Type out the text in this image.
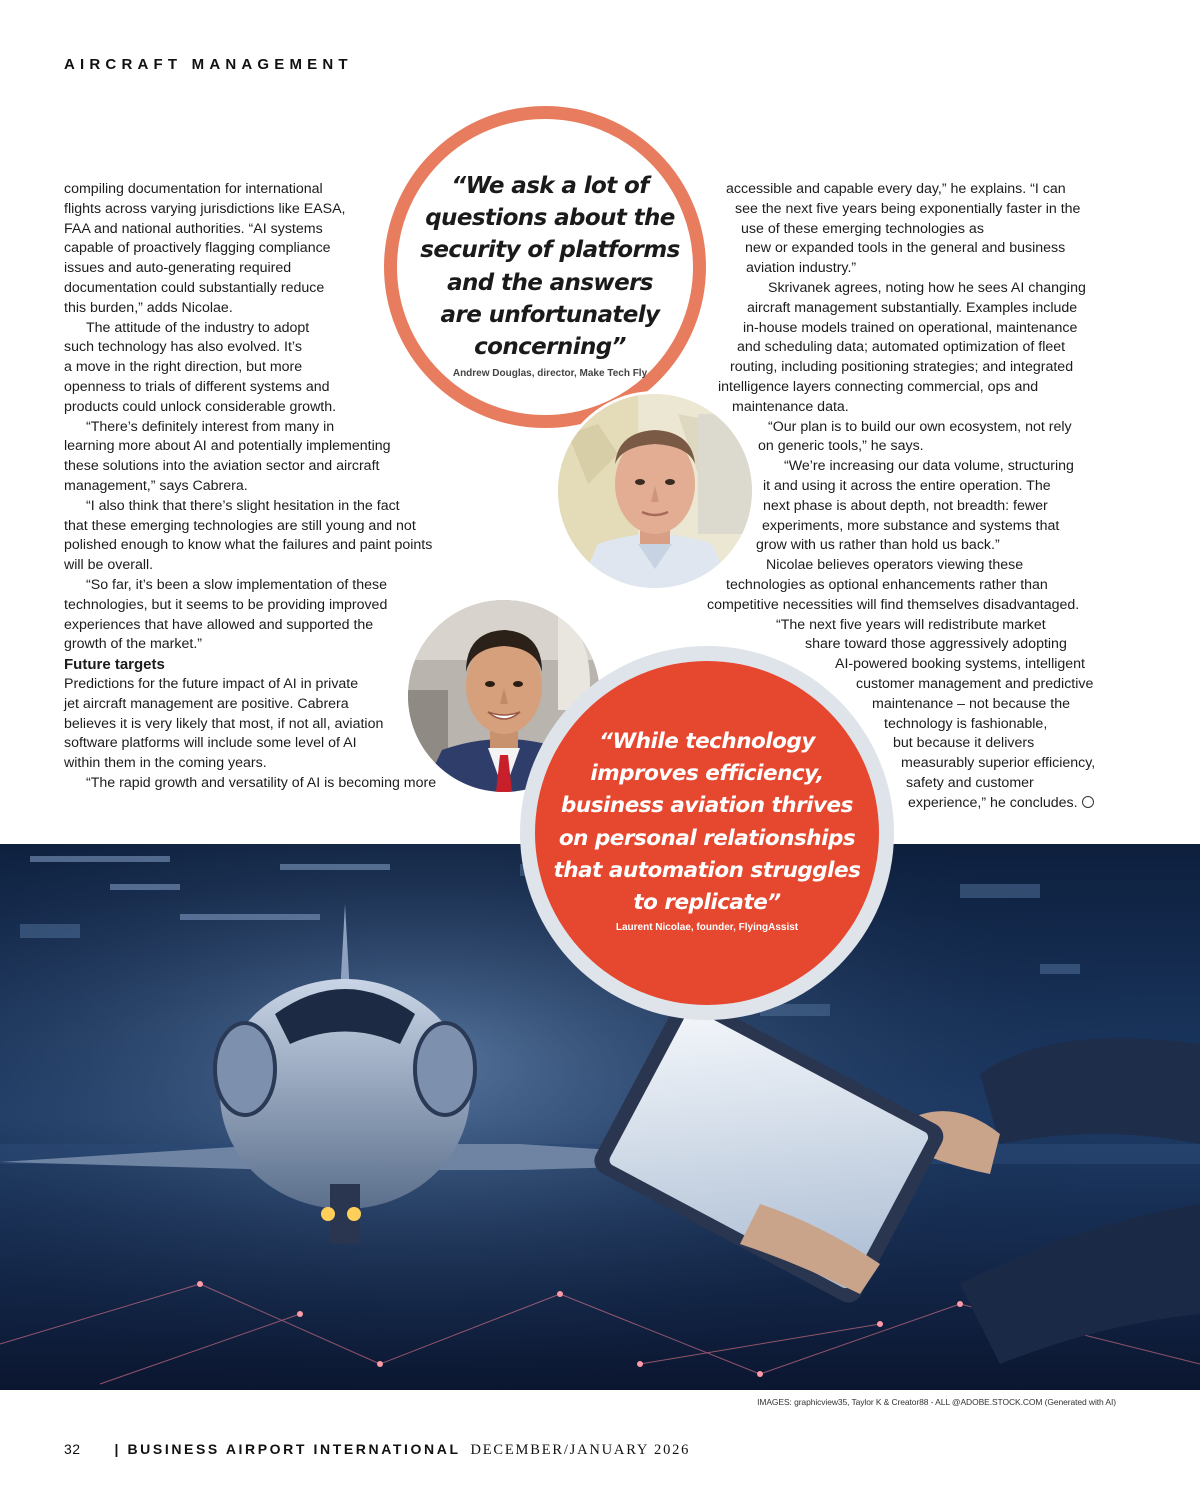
AIRCRAFT MANAGEMENT
compiling documentation for international
flights across varying jurisdictions like EASA,
FAA and national authorities. “AI systems
capable of proactively flagging compliance
issues and auto-generating required
documentation could substantially reduce
this burden,” adds Nicolae.
The attitude of the industry to adopt
such technology has also evolved. It’s
a move in the right direction, but more
openness to trials of different systems and
products could unlock considerable growth.
“There’s definitely interest from many in
learning more about AI and potentially implementing
these solutions into the aviation sector and aircraft
management,” says Cabrera.
“I also think that there’s slight hesitation in the fact
that these emerging technologies are still young and not
polished enough to know what the failures and paint points
will be overall.
“So far, it’s been a slow implementation of these
technologies, but it seems to be providing improved
experiences that have allowed and supported the
growth of the market.”
Future targets
Predictions for the future impact of AI in private
jet aircraft management are positive. Cabrera
believes it is very likely that most, if not all, aviation
software platforms will include some level of AI
within them in the coming years.
“The rapid growth and versatility of AI is becoming more
accessible and capable every day,” he explains. “I can
see the next five years being exponentially faster in the
use of these emerging technologies as
new or expanded tools in the general and business
aviation industry.”
Skrivanek agrees, noting how he sees AI changing
aircraft management substantially. Examples include
in-house models trained on operational, maintenance
and scheduling data; automated optimization of fleet
routing, including positioning strategies; and integrated
intelligence layers connecting commercial, ops and
maintenance data.
“Our plan is to build our own ecosystem, not rely
on generic tools,” he says.
“We’re increasing our data volume, structuring
it and using it across the entire operation. The
next phase is about depth, not breadth: fewer
experiments, more substance and systems that
grow with us rather than hold us back.”
Nicolae believes operators viewing these
technologies as optional enhancements rather than
competitive necessities will find themselves disadvantaged.
“The next five years will redistribute market
share toward those aggressively adopting
AI-powered booking systems, intelligent
customer management and predictive
maintenance – not because the
technology is fashionable,
but because it delivers
measurably superior efficiency,
safety and customer
experience,” he concludes.
“We ask a lot of
questions about the
security of platforms
and the answers
are unfortunately
concerning”
Andrew Douglas, director, Make Tech Fly
“While technology
improves efficiency,
business aviation thrives
on personal relationships
that automation struggles
to replicate”
Laurent Nicolae, founder, FlyingAssist
IMAGES: graphicview35, Taylor K & Creator88 - ALL @ADOBE.STOCK.COM (Generated with AI)
32 | BUSINESS AIRPORT INTERNATIONAL DECEMBER/JANUARY 2026
